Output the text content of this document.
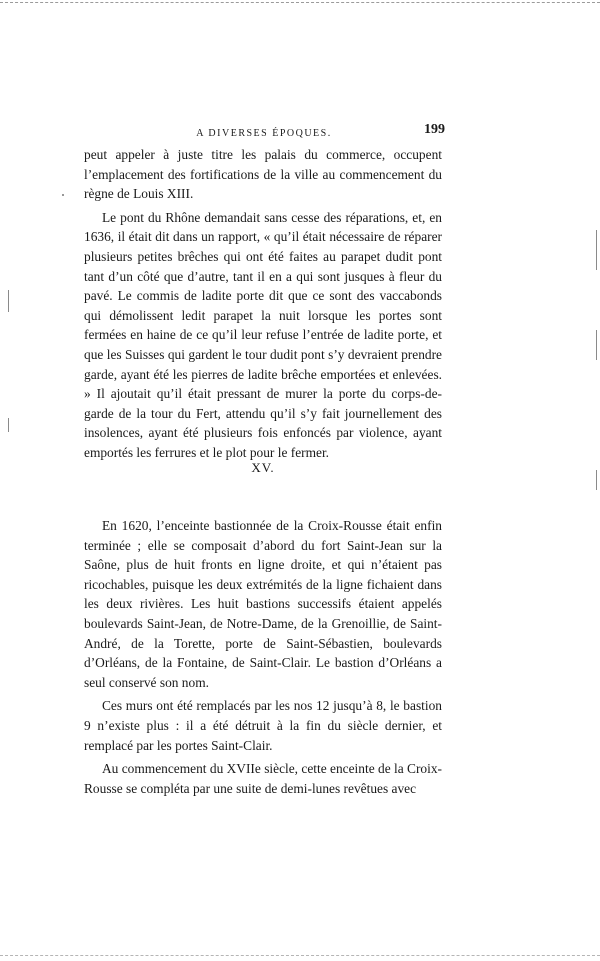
A DIVERSES ÉPOQUES.	199

peut appeler à juste titre les palais du commerce, occupent l’emplacement des fortifications de la ville au commencement du règne de Louis XIII.

Le pont du Rhône demandait sans cesse des réparations, et, en 1636, il était dit dans un rapport, « qu’il était nécessaire de réparer plusieurs petites brêches qui ont été faites au parapet dudit pont tant d’un côté que d’autre, tant il en a qui sont jusques à fleur du pavé. Le commis de ladite porte dit que ce sont des vaccabonds qui démolissent ledit parapet la nuit lorsque les portes sont fermées en haine de ce qu’il leur refuse l’entrée de ladite porte, et que les Suisses qui gardent le tour dudit pont s’y devraient prendre garde, ayant été les pierres de ladite brêche emportées et enlevées. » Il ajoutait qu’il était pressant de murer la porte du corps-de-garde de la tour du Fert, attendu qu’il s’y fait journellement des insolences, ayant été plusieurs fois enfoncés par violence, ayant emportés les ferrures et le plot pour le fermer.

XV.

En 1620, l’enceinte bastionnée de la Croix-Rousse était enfin terminée ; elle se composait d’abord du fort Saint-Jean sur la Saône, plus de huit fronts en ligne droite, et qui n’étaient pas ricochables, puisque les deux extrémités de la ligne fichaient dans les deux rivières. Les huit bastions successifs étaient appelés boulevards Saint-Jean, de Notre-Dame, de la Grenoillie, de Saint-André, de la Torette, porte de Saint-Sébastien, boulevards d’Orléans, de la Fontaine, de Saint-Clair. Le bastion d’Orléans a seul conservé son nom.

Ces murs ont été remplacés par les nos 12 jusqu’à 8, le bastion 9 n’existe plus : il a été détruit à la fin du siècle dernier, et remplacé par les portes Saint-Clair.

Au commencement du XVIIe siècle, cette enceinte de la Croix-Rousse se compléta par une suite de demi-lunes revêtues avec
